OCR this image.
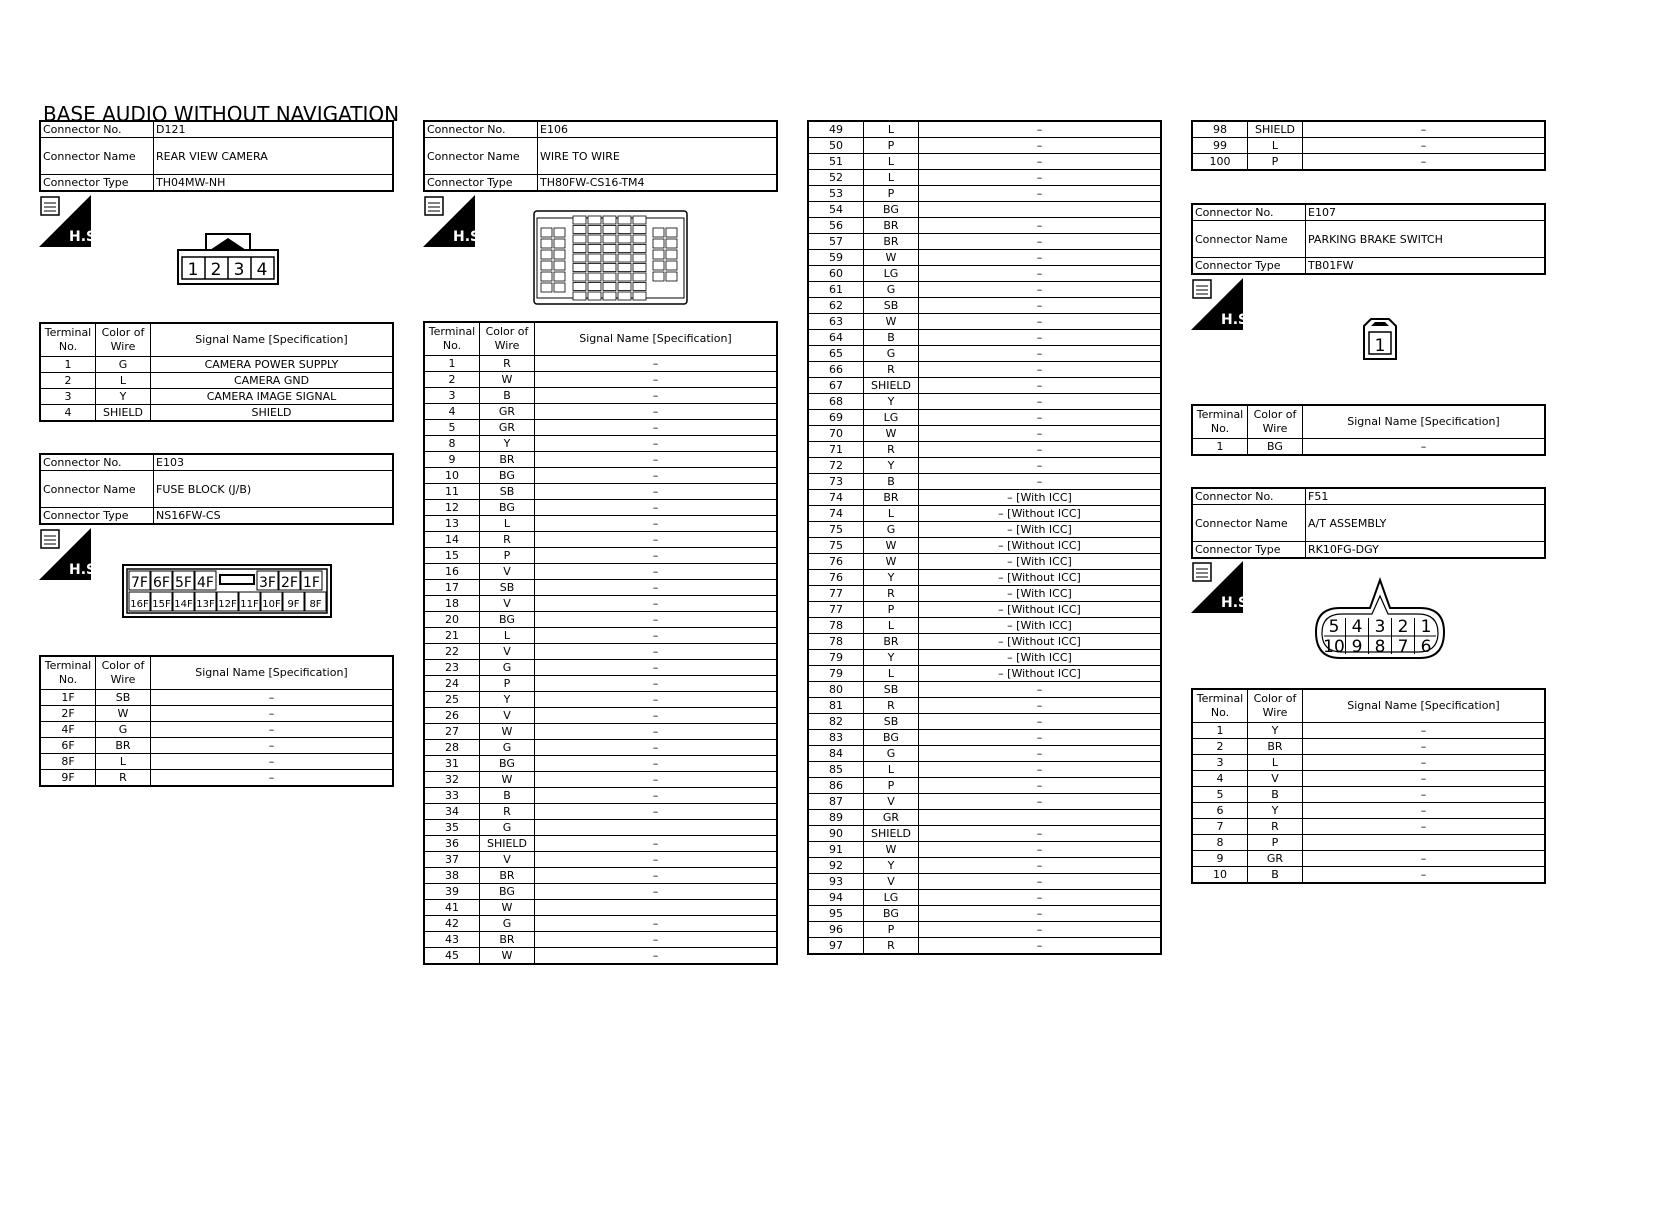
BASE AUDIO WITHOUT NAVIGATION
Connector No.	D121
Connector Name	REAR VIEW CAMERA
Connector Type	TH04MW-NH
H.S.
1 2 3 4
Terminal No.	Color of Wire	Signal Name [Specification]
1	G	CAMERA POWER SUPPLY
2	L	CAMERA GND
3	Y	CAMERA IMAGE SIGNAL
4	SHIELD	SHIELD
Connector No.	E103
Connector Name	FUSE BLOCK (J/B)
Connector Type	NS16FW-CS
H.S.
7F 6F 5F 4F	3F 2F 1F
16F 15F 14F 13F 12F 11F 10F 9F 8F
Terminal No.	Color of Wire	Signal Name [Specification]
1F	SB	–
2F	W	–
4F	G	–
6F	BR	–
8F	L	–
9F	R	–
Connector No.	E106
Connector Name	WIRE TO WIRE
Connector Type	TH80FW-CS16-TM4
H.S.
Terminal No.	Color of Wire	Signal Name [Specification]
1	R	–
2	W	–
3	B	–
4	GR	–
5	GR	–
8	Y	–
9	BR	–
10	BG	–
11	SB	–
12	BG	–
13	L	–
14	R	–
15	P	–
16	V	–
17	SB	–
18	V	–
20	BG	–
21	L	–
22	V	–
23	G	–
24	P	–
25	Y	–
26	V	–
27	W	–
28	G	–
31	BG	–
32	W	–
33	B	–
34	R	–
35	G	
36	SHIELD	–
37	V	–
38	BR	–
39	BG	–
41	W	
42	G	–
43	BR	–
45	W	–
49	L	–
50	P	–
51	L	–
52	L	–
53	P	–
54	BG	
56	BR	–
57	BR	–
59	W	–
60	LG	–
61	G	–
62	SB	–
63	W	–
64	B	–
65	G	–
66	R	–
67	SHIELD	–
68	Y	–
69	LG	–
70	W	–
71	R	–
72	Y	–
73	B	–
74	BR	– [With ICC]
74	L	– [Without ICC]
75	G	– [With ICC]
75	W	– [Without ICC]
76	W	– [With ICC]
76	Y	– [Without ICC]
77	R	– [With ICC]
77	P	– [Without ICC]
78	L	– [With ICC]
78	BR	– [Without ICC]
79	Y	– [With ICC]
79	L	– [Without ICC]
80	SB	–
81	R	–
82	SB	–
83	BG	–
84	G	–
85	L	–
86	P	–
87	V	–
89	GR	
90	SHIELD	–
91	W	–
92	Y	–
93	V	–
94	LG	–
95	BG	–
96	P	–
97	R	–
98	SHIELD	–
99	L	–
100	P	–
Connector No.	E107
Connector Name	PARKING BRAKE SWITCH
Connector Type	TB01FW
H.S.
1
Terminal No.	Color of Wire	Signal Name [Specification]
1	BG	–
Connector No.	F51
Connector Name	A/T ASSEMBLY
Connector Type	RK10FG-DGY
H.S.
5 4 3 2 1
10 9 8 7 6
Terminal No.	Color of Wire	Signal Name [Specification]
1	Y	–
2	BR	–
3	L	–
4	V	–
5	B	–
6	Y	–
7	R	–
8	P	
9	GR	–
10	B	–
